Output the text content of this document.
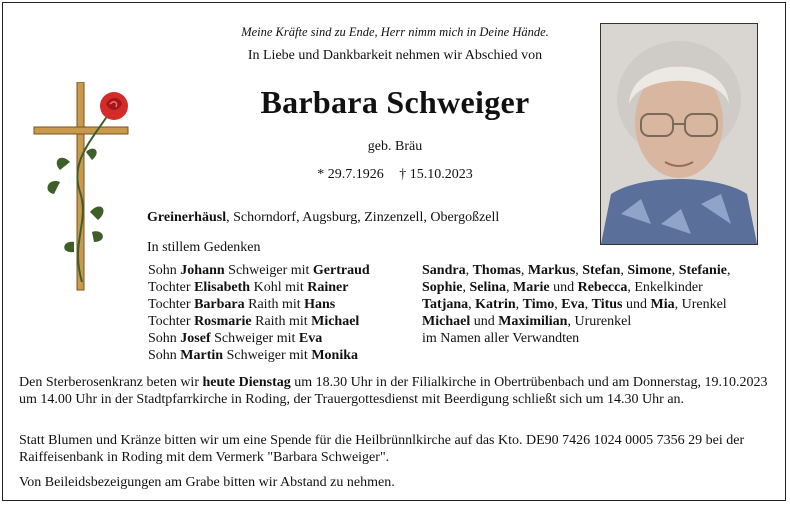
Meine Kräfte sind zu Ende, Herr nimm mich in Deine Hände.
In Liebe und Dankbarkeit nehmen wir Abschied von
Barbara Schweiger
geb. Bräu
* 29.7.1926 † 15.10.2023
Greinerhäusl, Schorndorf, Augsburg, Zinzenzell, Obergoßzell
In stillem Gedenken
Sohn Johann Schweiger mit Gertraud
Tochter Elisabeth Kohl mit Rainer
Tochter Barbara Raith mit Hans
Tochter Rosmarie Raith mit Michael
Sohn Josef Schweiger mit Eva
Sohn Martin Schweiger mit Monika
Sandra, Thomas, Markus, Stefan, Simone, Stefanie,
Sophie, Selina, Marie und Rebecca, Enkelkinder
Tatjana, Katrin, Timo, Eva, Titus und Mia, Urenkel
Michael und Maximilian, Ururenkel
im Namen aller Verwandten
Den Sterberosenkranz beten wir heute Dienstag um 18.30 Uhr in der Filialkirche in Obertrübenbach und am Donnerstag, 19.10.2023 um 14.00 Uhr in der Stadtpfarrkirche in Roding, der Trauergottesdienst mit Beerdigung schließt sich um 14.30 Uhr an.
Statt Blumen und Kränze bitten wir um eine Spende für die Heilbrünnlkirche auf das Kto. DE90 7426 1024 0005 7356 29 bei der Raiffeisenbank in Roding mit dem Vermerk "Barbara Schweiger".
Von Beileidsbezeigungen am Grabe bitten wir Abstand zu nehmen.
